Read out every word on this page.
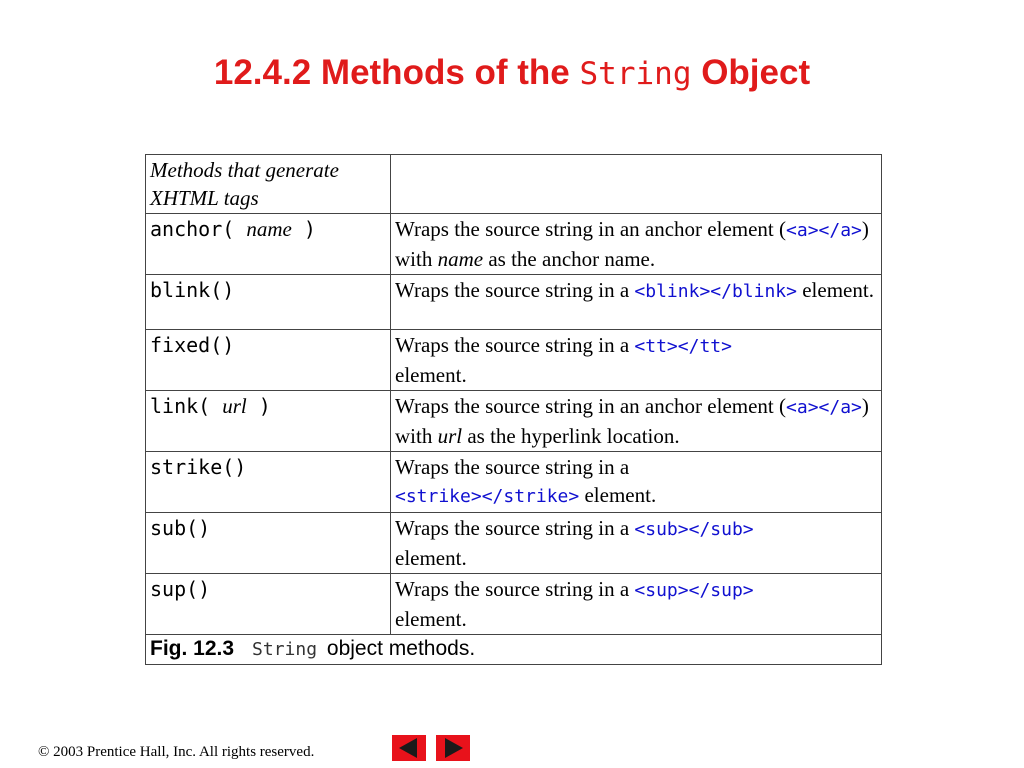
12.4.2 Methods of the String Object
Methods that generate XHTML tags	
anchor( name )	Wraps the source string in an anchor element (<a></a>) with name as the anchor name.
blink()	Wraps the source string in a <blink></blink> element.
fixed()	Wraps the source string in a <tt></tt>
element.
link( url )	Wraps the source string in an anchor element (<a></a>) with url as the hyperlink location.
strike()	Wraps the source string in a
<strike></strike> element.
sub()	Wraps the source string in a <sub></sub>
element.
sup()	Wraps the source string in a <sup></sup>
element.
Fig. 12.3 String object methods.	
© 2003 Prentice Hall, Inc. All rights reserved.
